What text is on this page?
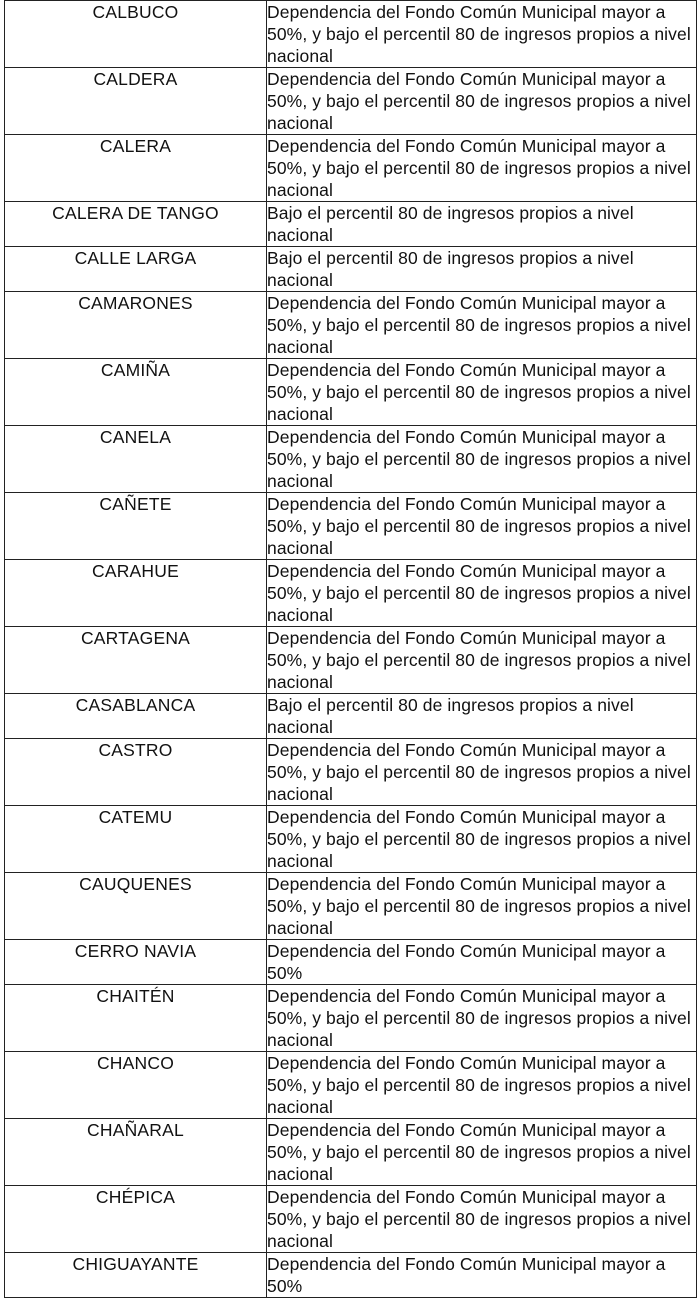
CALBUCO	Dependencia del Fondo Común Municipal mayor a 50%, y bajo el percentil 80 de ingresos propios a nivel nacional
CALDERA	Dependencia del Fondo Común Municipal mayor a 50%, y bajo el percentil 80 de ingresos propios a nivel nacional
CALERA	Dependencia del Fondo Común Municipal mayor a 50%, y bajo el percentil 80 de ingresos propios a nivel nacional
CALERA DE TANGO	Bajo el percentil 80 de ingresos propios a nivel nacional
CALLE LARGA	Bajo el percentil 80 de ingresos propios a nivel nacional
CAMARONES	Dependencia del Fondo Común Municipal mayor a 50%, y bajo el percentil 80 de ingresos propios a nivel nacional
CAMIÑA	Dependencia del Fondo Común Municipal mayor a 50%, y bajo el percentil 80 de ingresos propios a nivel nacional
CANELA	Dependencia del Fondo Común Municipal mayor a 50%, y bajo el percentil 80 de ingresos propios a nivel nacional
CAÑETE	Dependencia del Fondo Común Municipal mayor a 50%, y bajo el percentil 80 de ingresos propios a nivel nacional
CARAHUE	Dependencia del Fondo Común Municipal mayor a 50%, y bajo el percentil 80 de ingresos propios a nivel nacional
CARTAGENA	Dependencia del Fondo Común Municipal mayor a 50%, y bajo el percentil 80 de ingresos propios a nivel nacional
CASABLANCA	Bajo el percentil 80 de ingresos propios a nivel nacional
CASTRO	Dependencia del Fondo Común Municipal mayor a 50%, y bajo el percentil 80 de ingresos propios a nivel nacional
CATEMU	Dependencia del Fondo Común Municipal mayor a 50%, y bajo el percentil 80 de ingresos propios a nivel nacional
CAUQUENES	Dependencia del Fondo Común Municipal mayor a 50%, y bajo el percentil 80 de ingresos propios a nivel nacional
CERRO NAVIA	Dependencia del Fondo Común Municipal mayor a 50%
CHAITÉN	Dependencia del Fondo Común Municipal mayor a 50%, y bajo el percentil 80 de ingresos propios a nivel nacional
CHANCO	Dependencia del Fondo Común Municipal mayor a 50%, y bajo el percentil 80 de ingresos propios a nivel nacional
CHAÑARAL	Dependencia del Fondo Común Municipal mayor a 50%, y bajo el percentil 80 de ingresos propios a nivel nacional
CHÉPICA	Dependencia del Fondo Común Municipal mayor a 50%, y bajo el percentil 80 de ingresos propios a nivel nacional
CHIGUAYANTE	Dependencia del Fondo Común Municipal mayor a 50%
